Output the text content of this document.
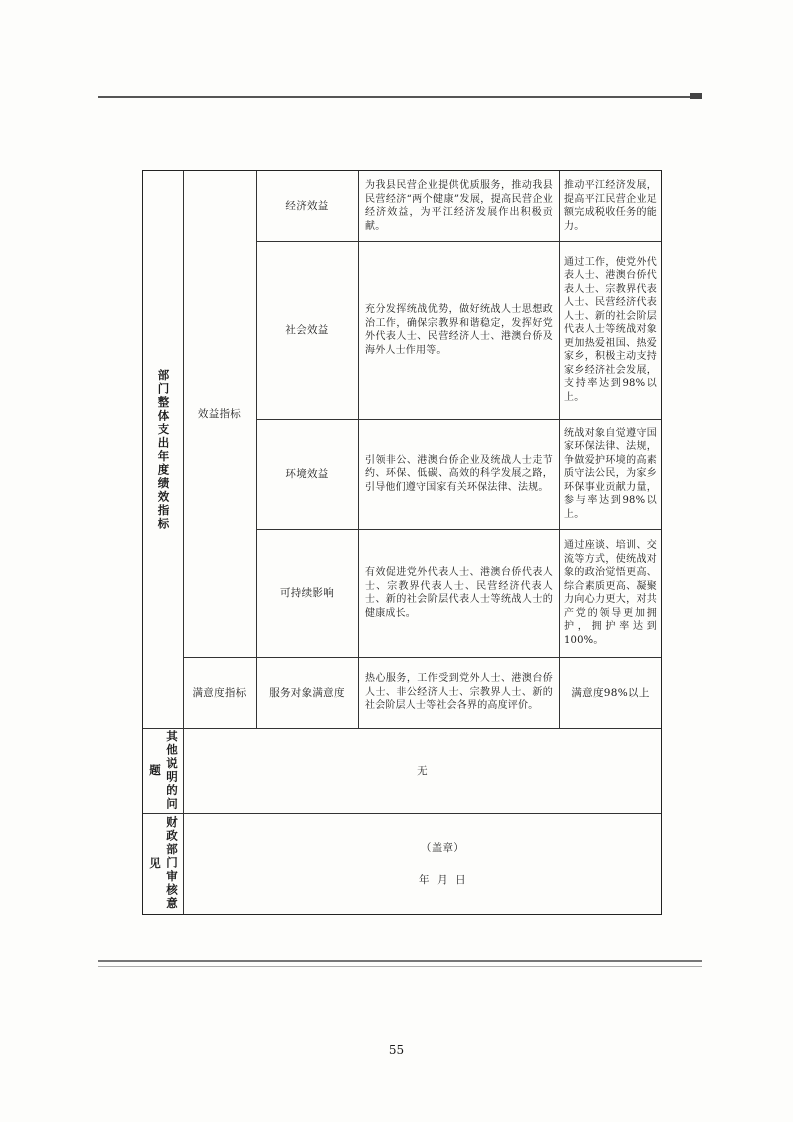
部门整体支出年度绩效指标	效益指标
经济效益
为我县民营企业提供优质服务，推动我县民营经济“两个健康”发展，提高民营企业经济效益，为平江经济发展作出积极贡献。
推动平江经济发展，提高平江民营企业足额完成税收任务的能力。
社会效益
充分发挥统战优势，做好统战人士思想政治工作，确保宗教界和谐稳定，发挥好党外代表人士、民营经济人士、港澳台侨及海外人士作用等。
通过工作，使党外代表人士、港澳台侨代表人士、宗教界代表人士、民营经济代表人士、新的社会阶层代表人士等统战对象更加热爱祖国、热爱家乡，积极主动支持家乡经济社会发展，支持率达到98%以上。
环境效益
引领非公、港澳台侨企业及统战人士走节约、环保、低碳、高效的科学发展之路，引导他们遵守国家有关环保法律、法规。
统战对象自觉遵守国家环保法律、法规，争做爱护环境的高素质守法公民，为家乡环保事业贡献力量，参与率达到98%以上。
可持续影响
有效促进党外代表人士、港澳台侨代表人士、宗教界代表人士、民营经济代表人士、新的社会阶层代表人士等统战人士的健康成长。
通过座谈、培训、交流等方式，使统战对象的政治觉悟更高、综合素质更高、凝聚力向心力更大，对共产党的领导更加拥护，拥护率达到100%。
满意度指标 服务对象满意度
热心服务，工作受到党外人士、港澳台侨人士、非公经济人士、宗教界人士、新的社会阶层人士等社会各界的高度评价。
满意度98%以上
其他说明的问题	无
财政部门审核意见
（盖章）
年  月  日
55
